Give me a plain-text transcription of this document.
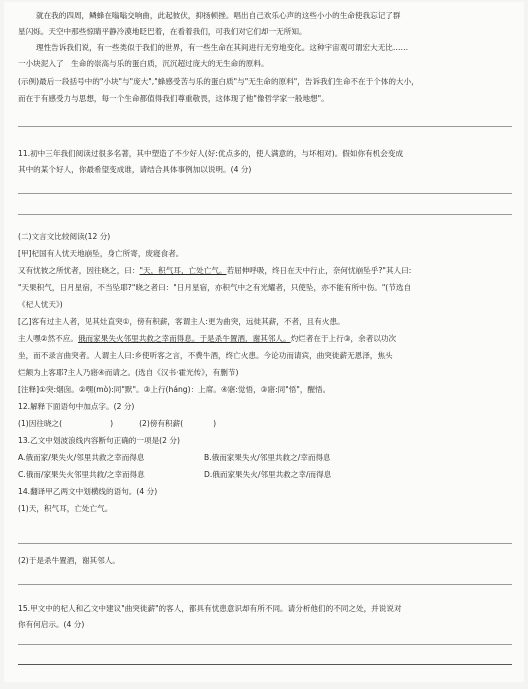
就在我的四周，鳞蜂在嗡嗡交响曲，此起彼伏，抑扬顿挫。唱出自己欢乐心声的这些小小的生命使我忘记了群
星闪烁。天空中那些惊睛平静冷漠地眨巴着，在看着我们，可我们对它们却一无所知。
理性告诉我们说，有一些类似于我们的世界，有一些生命在其间进行无穷地变化。这种宇宙观可谓宏大无比……
一小块泥入了　生命的崇高与乐的蛋白质，沉沉超过庞大的无生命的原料。
(示例)最后一段括号中的"小块"与"庞大","蜂感受苦与乐的蛋白质"与"无生命的原料"，告诉我们生命不在于个体的大小，
而在于有感受力与思想，每一个生命都值得我们尊重敬畏，这体现了他"像哲学家一般地想"。
11.初中三年我们阅读过很多名著，其中塑造了不少好人(好:优点多的，使人满意的，与坏相对)。假如你有机会变成
其中的某个好人，你最希望变成谁，请结合具体事例加以说明。(4 分)
(二)文言文比较阅读(12 分)
[甲]杞国有人忧天地崩坠，身亡所寄，废寝食者。
又有忧彼之所忧者，因往晓之，曰："天，积气耳，亡处亡气。若屈伸呼吸，终日在天中行止，奈何忧崩坠乎?"其人曰:
"天果积气，日月星宿，不当坠耶?"晓之者曰："日月星宿，亦积气中之有光耀者，只使坠，亦不能有所中伤。"(节选自
《杞人忧天》)
[乙]客有过主人者，见其灶直突①，傍有积薪，客谓主人:更为曲突，远徙其薪，不者，且有火患。
主人嘿②然不应。俄而家果失火邻里共救之幸而得息。于是杀牛置酒，谢其邻人。灼烂者在于上行③，余者以功次
坐，而不录言曲突者。人谓主人曰:乡使听客之言，不费牛酒，终亡火患。今论功而请宾，曲突徙薪无恩泽，焦头
烂额为上客耶?主人乃寤④而请之。(选自《汉书·霍光传》，有删节)
[注释]①突:烟囱。②嘿(mò):同"默"。③上行(háng)：上席。④寤:觉悟，③寤:同"悟"，醒悟。
12.解释下面语句中加点字。(2 分)
(1)因往晓之(	)	(2)傍有积薪(	)
13.乙文中划波浪线内容断句正确的一项是(2 分)
A.俄而家/果失火/邻里共救之幸而得息	B.俄而家果失火/邻里共救之/幸而得息
C.俄而/家果失火邻里共救/之幸而得息	D.俄而家果失火/邻里共救之幸/而得息
14.翻译甲乙两文中划横线的语句。(4 分)
(1)天，积气耳，亡处亡气。
(2)于是杀牛置酒，谢其邻人。
15.甲文中的杞人和乙文中建议"曲突徙薪"的客人，都具有忧患意识却有所不同。请分析他们的不同之处，并说说对
你有何启示。(4 分)
